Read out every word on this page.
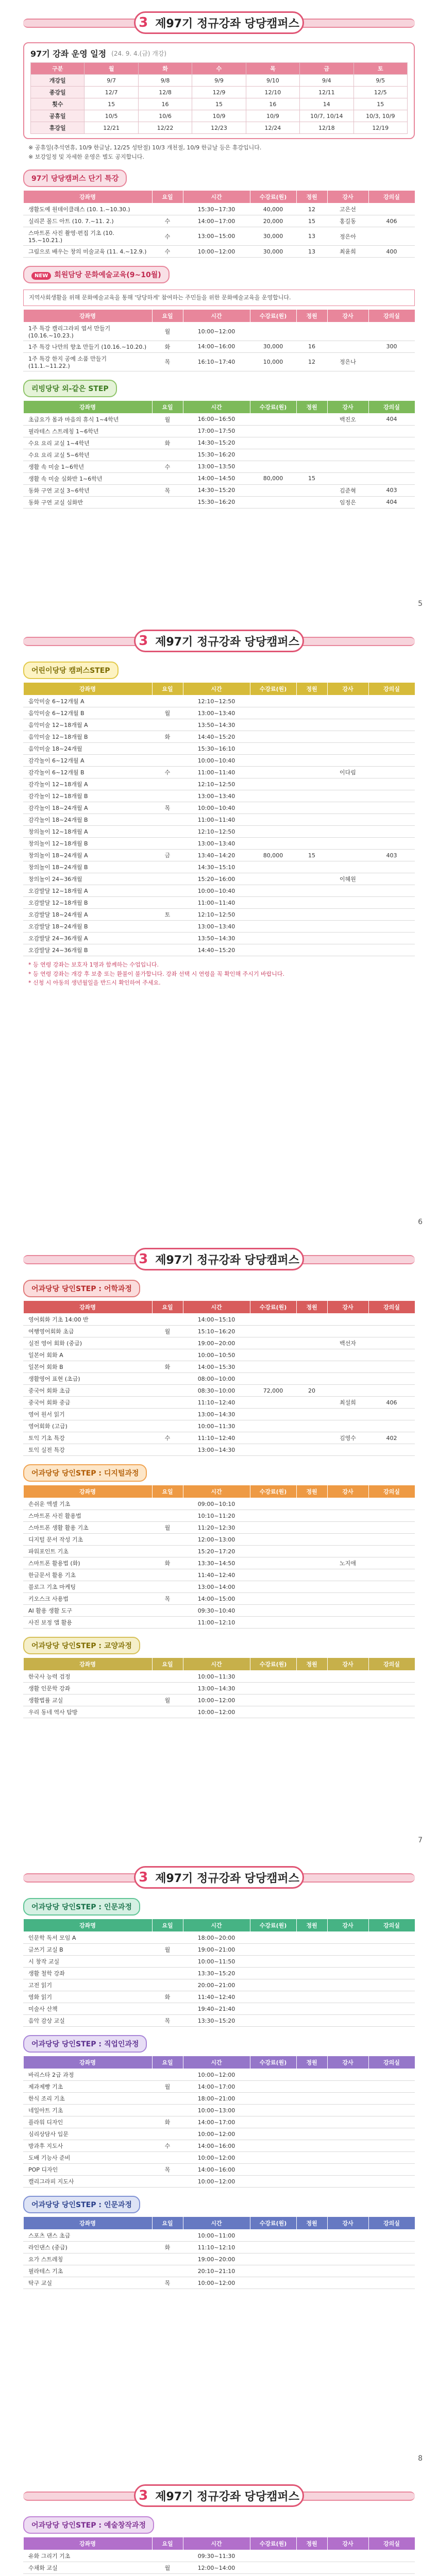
3 제97기 정규강좌 당당캠퍼스
97기 강좌 운영 일정 (24. 9. 4.(금) 개강)
구분	월	화	수	목	금	토
개강일	9/7	9/8	9/9	9/10	9/4	9/5
종강일	12/7	12/8	12/9	12/10	12/11	12/5
횟수	15	16	15	16	14	15
공휴일	10/5	10/6	10/9	10/9	10/7, 10/14	10/3, 10/9
휴강일	12/21	12/22	12/23	12/24	12/18	12/19

※ 공휴일(추석연휴, 10/9 한글날, 12/25 성탄절) 10/3 개천절, 10/9 한글날 등은 휴강입니다.

※ 보강일정 및 자세한 운영은 별도 공지합니다.

97기 당당캠퍼스 단기 특강
강좌명	요일	시간	수강료(원)	정원	강사	강의실
생활도예 원데이클래스 (10. 1.~10.30.)		15:30~17:30	40,000	12	고은선	
실리콘 몰드 아트 (10. 7.~11. 2.)	수	14:00~17:00	20,000	15	홍길동	406
스마트폰 사진 촬영·편집 기초 (10. 15.~10.21.)	수	13:00~15:00	30,000	13	정은아	
그림으로 배우는 창의 미술교육 (11. 4.~12.9.)	수	10:00~12:00	30,000	13	최윤희	400
NEW 회원담당 문화예술교육(9~10월)
지역사회생활을 위해 문화예술교육을 통해 '당당하게' 참여하는 주민들을 위한 문화예술교육을 운영합니다.
강좌명	요일	시간	수강료(원)	정원	강사	강의실
1주 특강 캘리그라피 엽서 만들기 (10.16.~10.23.)	월	10:00~12:00				
1주 특강 나만의 향초 만들기 (10.16.~10.20.)	화	14:00~16:00	30,000	16		300
1주 특강 한지 공예 소품 만들기 (11.1.~11.22.)	목	16:10~17:40	10,000	12	정은나	
리빙당당 외-같은 STEP
강좌명	요일	시간	수강료(원)	정원	강사	강의실
초급요가 몸과 마음의 휴식 1~4학년	월	16:00~16:50			백진오	404
필라테스 스트레칭 1~6학년		17:00~17:50				
수요 요리 교실 1~4학년	화	14:30~15:20				
수요 요리 교실 5~6학년		15:30~16:20				
생활 속 미술 1~6학년	수	13:00~13:50				
생활 속 미술 심화반 1~6학년		14:00~14:50	80,000	15		
동화 구연 교실 3~6학년	목	14:30~15:20			김준혁	403
동화 구연 교실 심화반		15:30~16:20			임정은	404
5
3 제97기 정규강좌 당당캠퍼스
어린이당당 캠퍼스STEP
강좌명	요일	시간	수강료(원)	정원	강사	강의실
음악미술 6~12개월 A		12:10~12:50				
음악미술 6~12개월 B	월	13:00~13:40				
음악미술 12~18개월 A		13:50~14:30				
음악미술 12~18개월 B	화	14:40~15:20				
음악미술 18~24개월		15:30~16:10				
감각놀이 6~12개월 A		10:00~10:40				
감각놀이 6~12개월 B	수	11:00~11:40			이다림	
감각놀이 12~18개월 A		12:10~12:50				
감각놀이 12~18개월 B		13:00~13:40				
감각놀이 18~24개월 A	목	10:00~10:40				
감각놀이 18~24개월 B		11:00~11:40				
창의놀이 12~18개월 A		12:10~12:50				
창의놀이 12~18개월 B		13:00~13:40				
창의놀이 18~24개월 A	금	13:40~14:20	80,000	15		403
창의놀이 18~24개월 B		14:30~15:10				
창의놀이 24~36개월		15:20~16:00			이혜원	
오감발달 12~18개월 A		10:00~10:40				
오감발달 12~18개월 B		11:00~11:40				
오감발달 18~24개월 A	토	12:10~12:50				
오감발달 18~24개월 B		13:00~13:40				
오감발달 24~36개월 A		13:50~14:30				
오감발달 24~36개월 B		14:40~15:20				

* 등 연령 강좌는 보호자 1명과 함께하는 수업입니다.

* 등 연령 강좌는 개강 후 보충 또는 환불이 불가합니다. 강좌 선택 시 연령을 꼭 확인해 주시기 바랍니다.

* 신청 시 아동의 생년월일을 반드시 확인하여 주세요.

6
3 제97기 정규강좌 당당캠퍼스
어과당당 당인STEP : 어학과정
강좌명	요일	시간	수강료(원)	정원	강사	강의실
영어회화 기초 14:00 반		14:00~15:10				
여행영어회화 초급	월	15:10~16:20				
실전 영어 회화 (중급)		19:00~20:00			백선자	
일본어 회화 A		10:00~10:50				
일본어 회화 B	화	14:00~15:30				
생활영어 표현 (초급)		08:00~10:00				
중국어 회화 초급		08:30~10:00	72,000	20		
중국어 회화 중급		11:10~12:40			최설희	406
영어 원서 읽기		13:00~14:30				
영어회화 (고급)		10:00~11:30				
토익 기초 특강	수	11:10~12:40			김영수	402
토익 실전 특강		13:00~14:30				
어과당당 당인STEP : 디지털과정
강좌명	요일	시간	수강료(원)	정원	강사	강의실
손쉬운 엑셀 기초		09:00~10:10				
스마트폰 사진 활용법		10:10~11:20				
스마트폰 생활 활용 기초	월	11:20~12:30				
디지털 문서 작성 기초		12:00~13:00				
파워포인트 기초		15:20~17:20				
스마트폰 활용법 (화)	화	13:30~14:50			노지애	
한글문서 활용 기초		11:40~12:40				
블로그 기초 마케팅		13:00~14:00				
키오스크 사용법	목	14:00~15:00				
AI 활용 생활 도구		09:30~10:40				
사진 보정 앱 활용		11:00~12:10				
어과당당 당인STEP : 교양과정
강좌명	요일	시간	수강료(원)	정원	강사	강의실
한국사 능력 검정		10:00~11:30				
생활 인문학 강좌		13:00~14:30				
생활법률 교실	월	10:00~12:00				
우리 동네 역사 탐방		10:00~12:00				
7
3 제97기 정규강좌 당당캠퍼스
어과당당 당인STEP : 인문과정
강좌명	요일	시간	수강료(원)	정원	강사	강의실
인문학 독서 모임 A		18:00~20:00				
글쓰기 교실 B	월	19:00~21:00				
시 창작 교실		10:00~11:50				
생활 철학 강좌		13:30~15:20				
고전 읽기		20:00~21:00				
영화 읽기	화	11:40~12:40				
미술사 산책		19:40~21:40				
음악 감상 교실	목	13:30~15:20				
어과당당 당인STEP : 직업인과정
강좌명	요일	시간	수강료(원)	정원	강사	강의실
바리스타 2급 과정		10:00~12:00				
제과제빵 기초	월	14:00~17:00				
한식 조리 기초		18:00~21:00				
네일아트 기초		10:00~13:00				
플라워 디자인	화	14:00~17:00				
심리상담사 입문		10:00~12:00				
방과후 지도사	수	14:00~16:00				
도배 기능사 준비		10:00~12:00				
POP 디자인	목	14:00~16:00				
캘리그라피 지도사		10:00~12:00				
어과당당 당인STEP : 인문과정
강좌명	요일	시간	수강료(원)	정원	강사	강의실
스포츠 댄스 초급		10:00~11:00				
라인댄스 (중급)	화	11:10~12:10				
요가 스트레칭		19:00~20:00				
필라테스 기초		20:10~21:10				
탁구 교실	목	10:00~12:00				
8
3 제97기 정규강좌 당당캠퍼스
어과당당 당인STEP : 예술창작과정
강좌명	요일	시간	수강료(원)	정원	강사	강의실
유화 그리기 기초		09:30~11:30				
수채화 교실	월	12:00~14:00				
